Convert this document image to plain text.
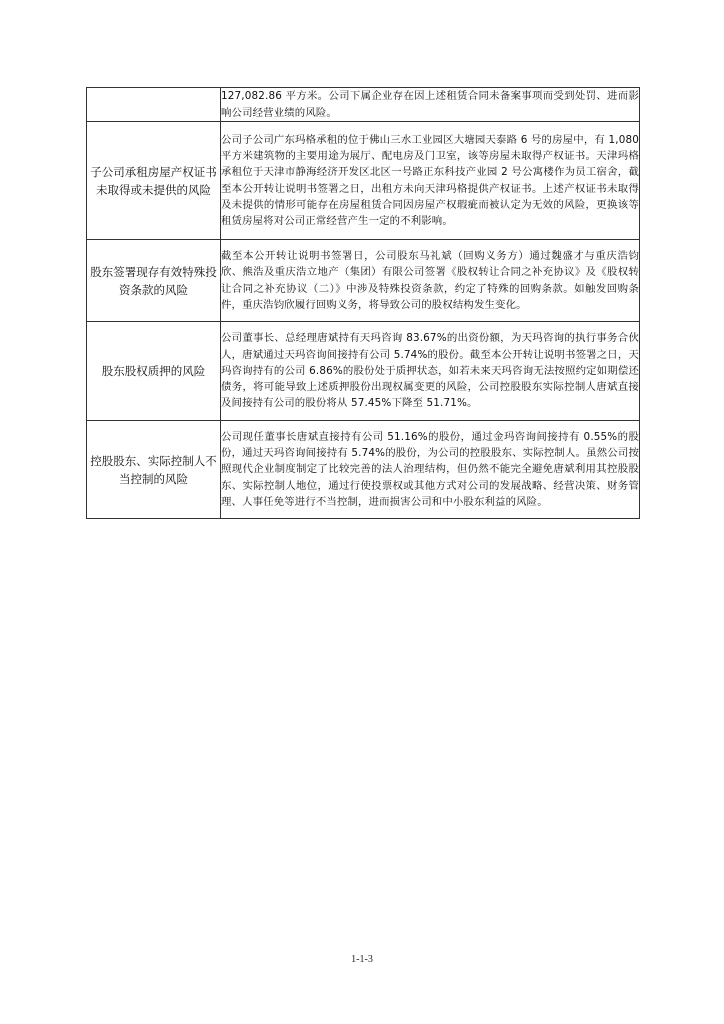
	127,082.86 平方米。公司下属企业存在因上述租赁合同未备案事项而受到处罚、进而影响公司经营业绩的风险。
子公司承租房屋产权证书未取得或未提供的风险	公司子公司广东玛格承租的位于佛山三水工业园区大塘园天泰路 6 号的房屋中，有 1,080 平方米建筑物的主要用途为展厅、配电房及门卫室，该等房屋未取得产权证书。天津玛格承租位于天津市静海经济开发区北区一号路正东科技产业园 2 号公寓楼作为员工宿舍，截至本公开转让说明书签署之日，出租方未向天津玛格提供产权证书。上述产权证书未取得及未提供的情形可能存在房屋租赁合同因房屋产权瑕疵而被认定为无效的风险，更换该等租赁房屋将对公司正常经营产生一定的不利影响。
股东签署现存有效特殊投资条款的风险	截至本公开转让说明书签署日，公司股东马礼斌（回购义务方）通过魏盛才与重庆浩钧欣、熊浩及重庆浩立地产（集团）有限公司签署《股权转让合同之补充协议》及《股权转让合同之补充协议（二）》中涉及特殊投资条款，约定了特殊的回购条款。如触发回购条件，重庆浩钧欣履行回购义务，将导致公司的股权结构发生变化。
股东股权质押的风险	公司董事长、总经理唐斌持有天玛咨询 83.67%的出资份额，为天玛咨询的执行事务合伙人，唐斌通过天玛咨询间接持有公司 5.74%的股份。截至本公开转让说明书签署之日，天玛咨询持有的公司 6.86%的股份处于质押状态，如若未来天玛咨询无法按照约定如期偿还债务，将可能导致上述质押股份出现权属变更的风险，公司控股股东实际控制人唐斌直接及间接持有公司的股份将从 57.45%下降至 51.71%。
控股股东、实际控制人不当控制的风险	公司现任董事长唐斌直接持有公司 51.16%的股份，通过金玛咨询间接持有 0.55%的股份，通过天玛咨询间接持有 5.74%的股份，为公司的控股股东、实际控制人。虽然公司按照现代企业制度制定了比较完善的法人治理结构，但仍然不能完全避免唐斌利用其控股股东、实际控制人地位，通过行使投票权或其他方式对公司的发展战略、经营决策、财务管理、人事任免等进行不当控制，进而损害公司和中小股东利益的风险。
1-1-3
